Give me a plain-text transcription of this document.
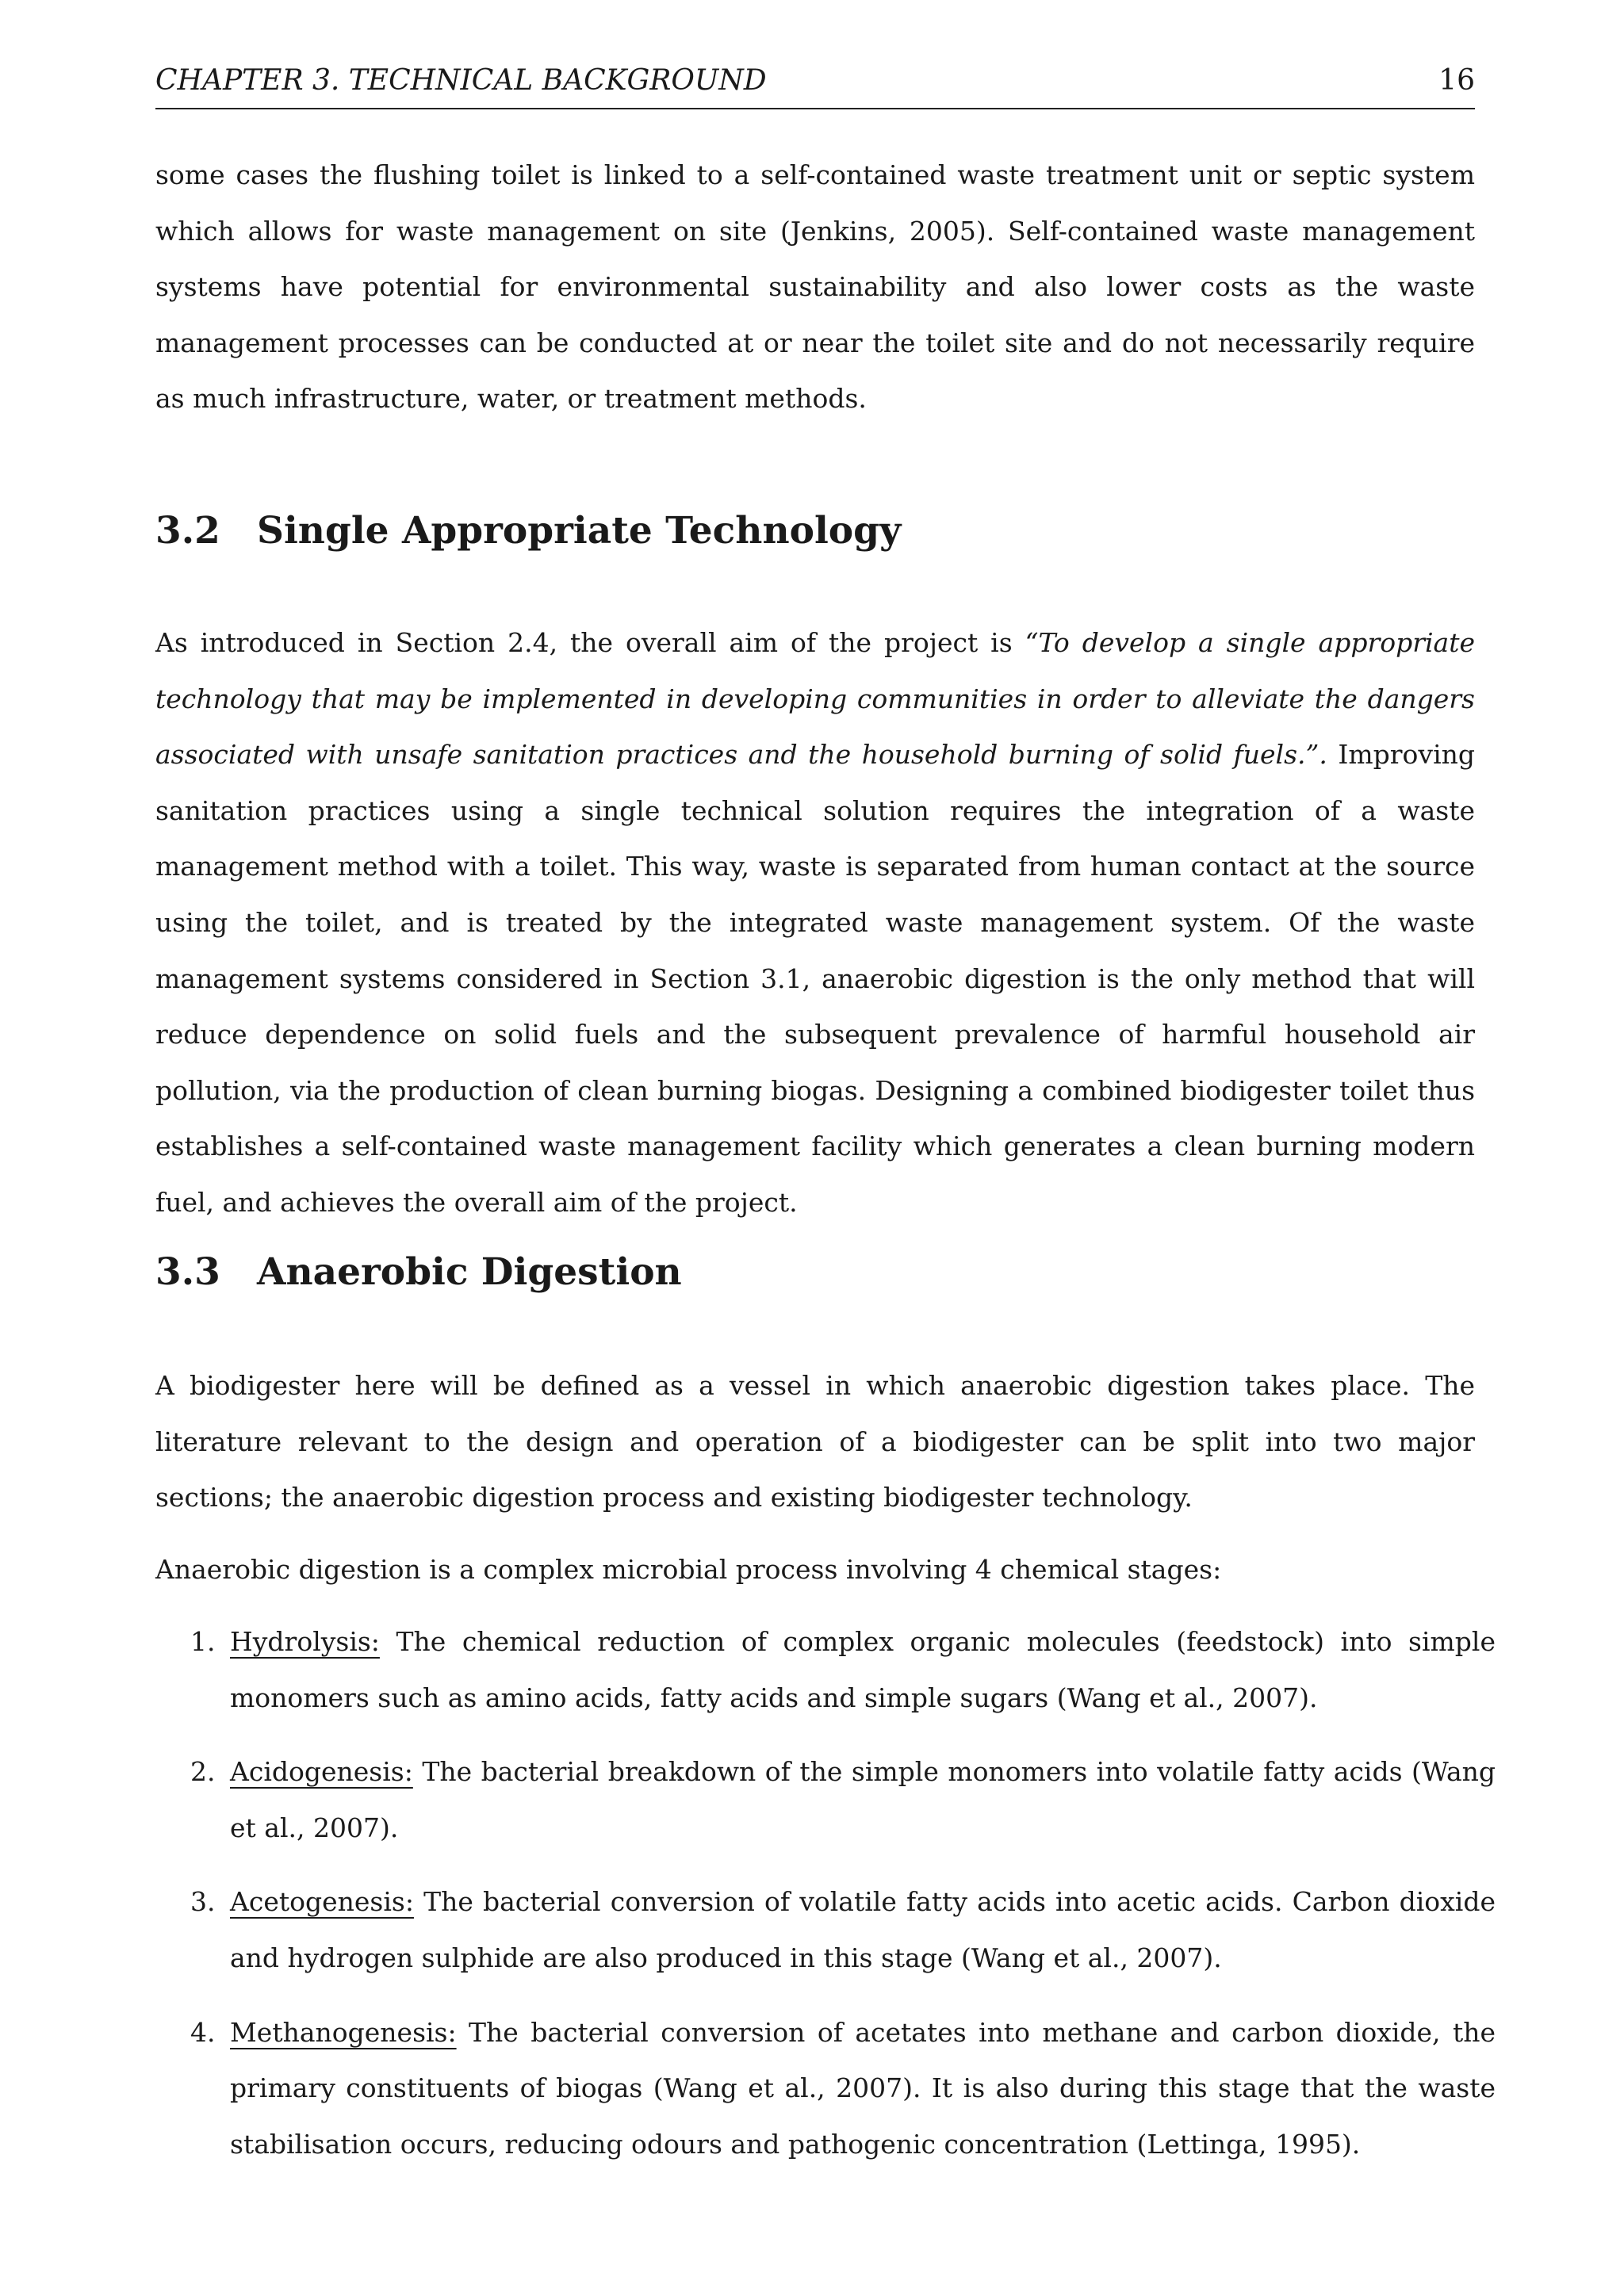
CHAPTER 3. TECHNICAL BACKGROUND	16

some cases the flushing toilet is linked to a self-contained waste treatment unit or septic system which allows for waste management on site (Jenkins, 2005). Self-contained waste management systems have potential for environmental sustainability and also lower costs as the waste management processes can be conducted at or near the toilet site and do not necessarily require as much infrastructure, water, or treatment methods.

3.2 Single Appropriate Technology

As introduced in Section 2.4, the overall aim of the project is “To develop a single appropriate technology that may be implemented in developing communities in order to alleviate the dangers associated with unsafe sanitation practices and the household burning of solid fuels.”. Improving sanitation practices using a single technical solution requires the integration of a waste management method with a toilet. This way, waste is separated from human contact at the source using the toilet, and is treated by the integrated waste management system. Of the waste management systems considered in Section 3.1, anaerobic digestion is the only method that will reduce dependence on solid fuels and the subsequent prevalence of harmful household air pollution, via the production of clean burning biogas. Designing a combined biodigester toilet thus establishes a self-contained waste management facility which generates a clean burning modern fuel, and achieves the overall aim of the project.

3.3 Anaerobic Digestion

A biodigester here will be defined as a vessel in which anaerobic digestion takes place. The literature relevant to the design and operation of a biodigester can be split into two major sections; the anaerobic digestion process and existing biodigester technology.

Anaerobic digestion is a complex microbial process involving 4 chemical stages:

1. Hydrolysis: The chemical reduction of complex organic molecules (feedstock) into simple monomers such as amino acids, fatty acids and simple sugars (Wang et al., 2007).

2. Acidogenesis: The bacterial breakdown of the simple monomers into volatile fatty acids (Wang et al., 2007).

3. Acetogenesis: The bacterial conversion of volatile fatty acids into acetic acids. Carbon dioxide and hydrogen sulphide are also produced in this stage (Wang et al., 2007).

4. Methanogenesis: The bacterial conversion of acetates into methane and carbon dioxide, the primary constituents of biogas (Wang et al., 2007). It is also during this stage that the waste stabilisation occurs, reducing odours and pathogenic concentration (Lettinga, 1995).
